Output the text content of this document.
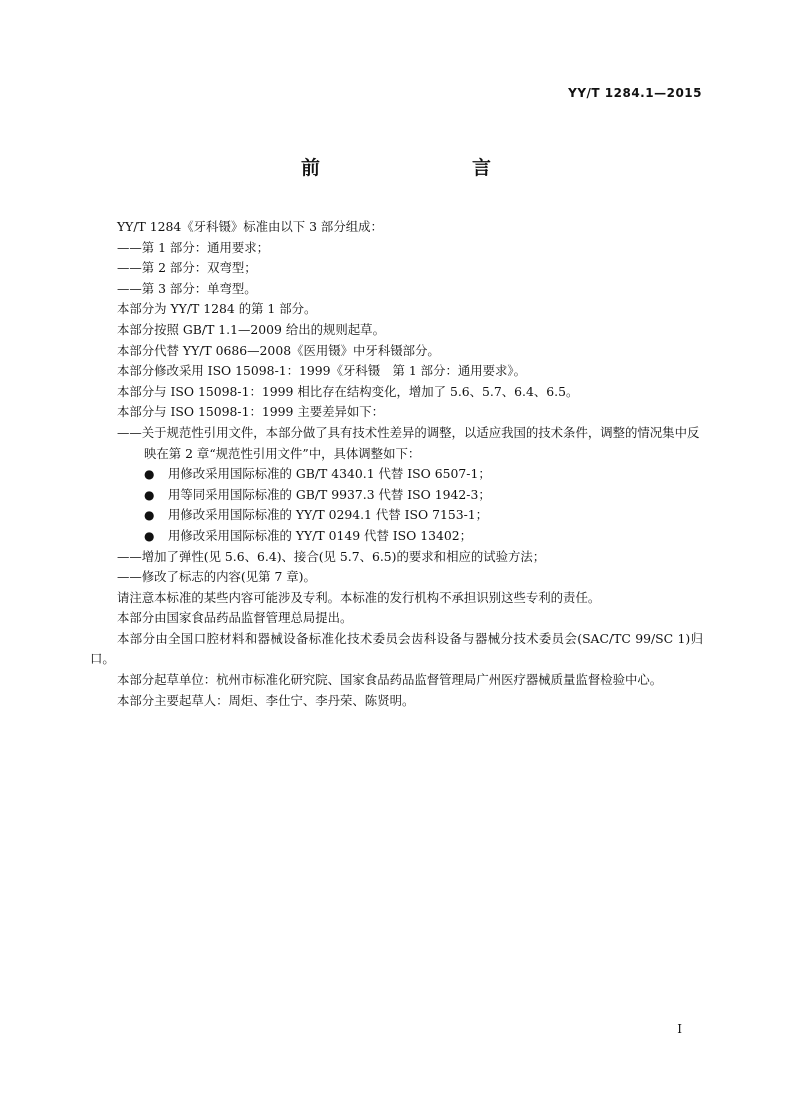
YY/T 1284.1—2015
前　　言

YY/T 1284《牙科镊》标准由以下 3 部分组成：

——第 1 部分：通用要求；

——第 2 部分：双弯型；

——第 3 部分：单弯型。

本部分为 YY/T 1284 的第 1 部分。

本部分按照 GB/T 1.1—2009 给出的规则起草。

本部分代替 YY/T 0686—2008《医用镊》中牙科镊部分。

本部分修改采用 ISO 15098-1：1999《牙科镊　第 1 部分：通用要求》。

本部分与 ISO 15098-1：1999 相比存在结构变化，增加了 5.6、5.7、6.4、6.5。

本部分与 ISO 15098-1：1999 主要差异如下：

——关于规范性引用文件，本部分做了具有技术性差异的调整，以适应我国的技术条件，调整的情况集中反映在第 2 章“规范性引用文件”中，具体调整如下：

● 用修改采用国际标准的 GB/T 4340.1 代替 ISO 6507-1；

● 用等同采用国际标准的 GB/T 9937.3 代替 ISO 1942-3；

● 用修改采用国际标准的 YY/T 0294.1 代替 ISO 7153-1；

● 用修改采用国际标准的 YY/T 0149 代替 ISO 13402；

——增加了弹性(见 5.6、6.4)、接合(见 5.7、6.5)的要求和相应的试验方法；

——修改了标志的内容(见第 7 章)。

请注意本标准的某些内容可能涉及专利。本标准的发行机构不承担识别这些专利的责任。

本部分由国家食品药品监督管理总局提出。

本部分由全国口腔材料和器械设备标准化技术委员会齿科设备与器械分技术委员会(SAC/TC 99/SC 1)归口。

本部分起草单位：杭州市标准化研究院、国家食品药品监督管理局广州医疗器械质量监督检验中心。

本部分主要起草人：周炬、李仕宁、李丹荣、陈贤明。

I
